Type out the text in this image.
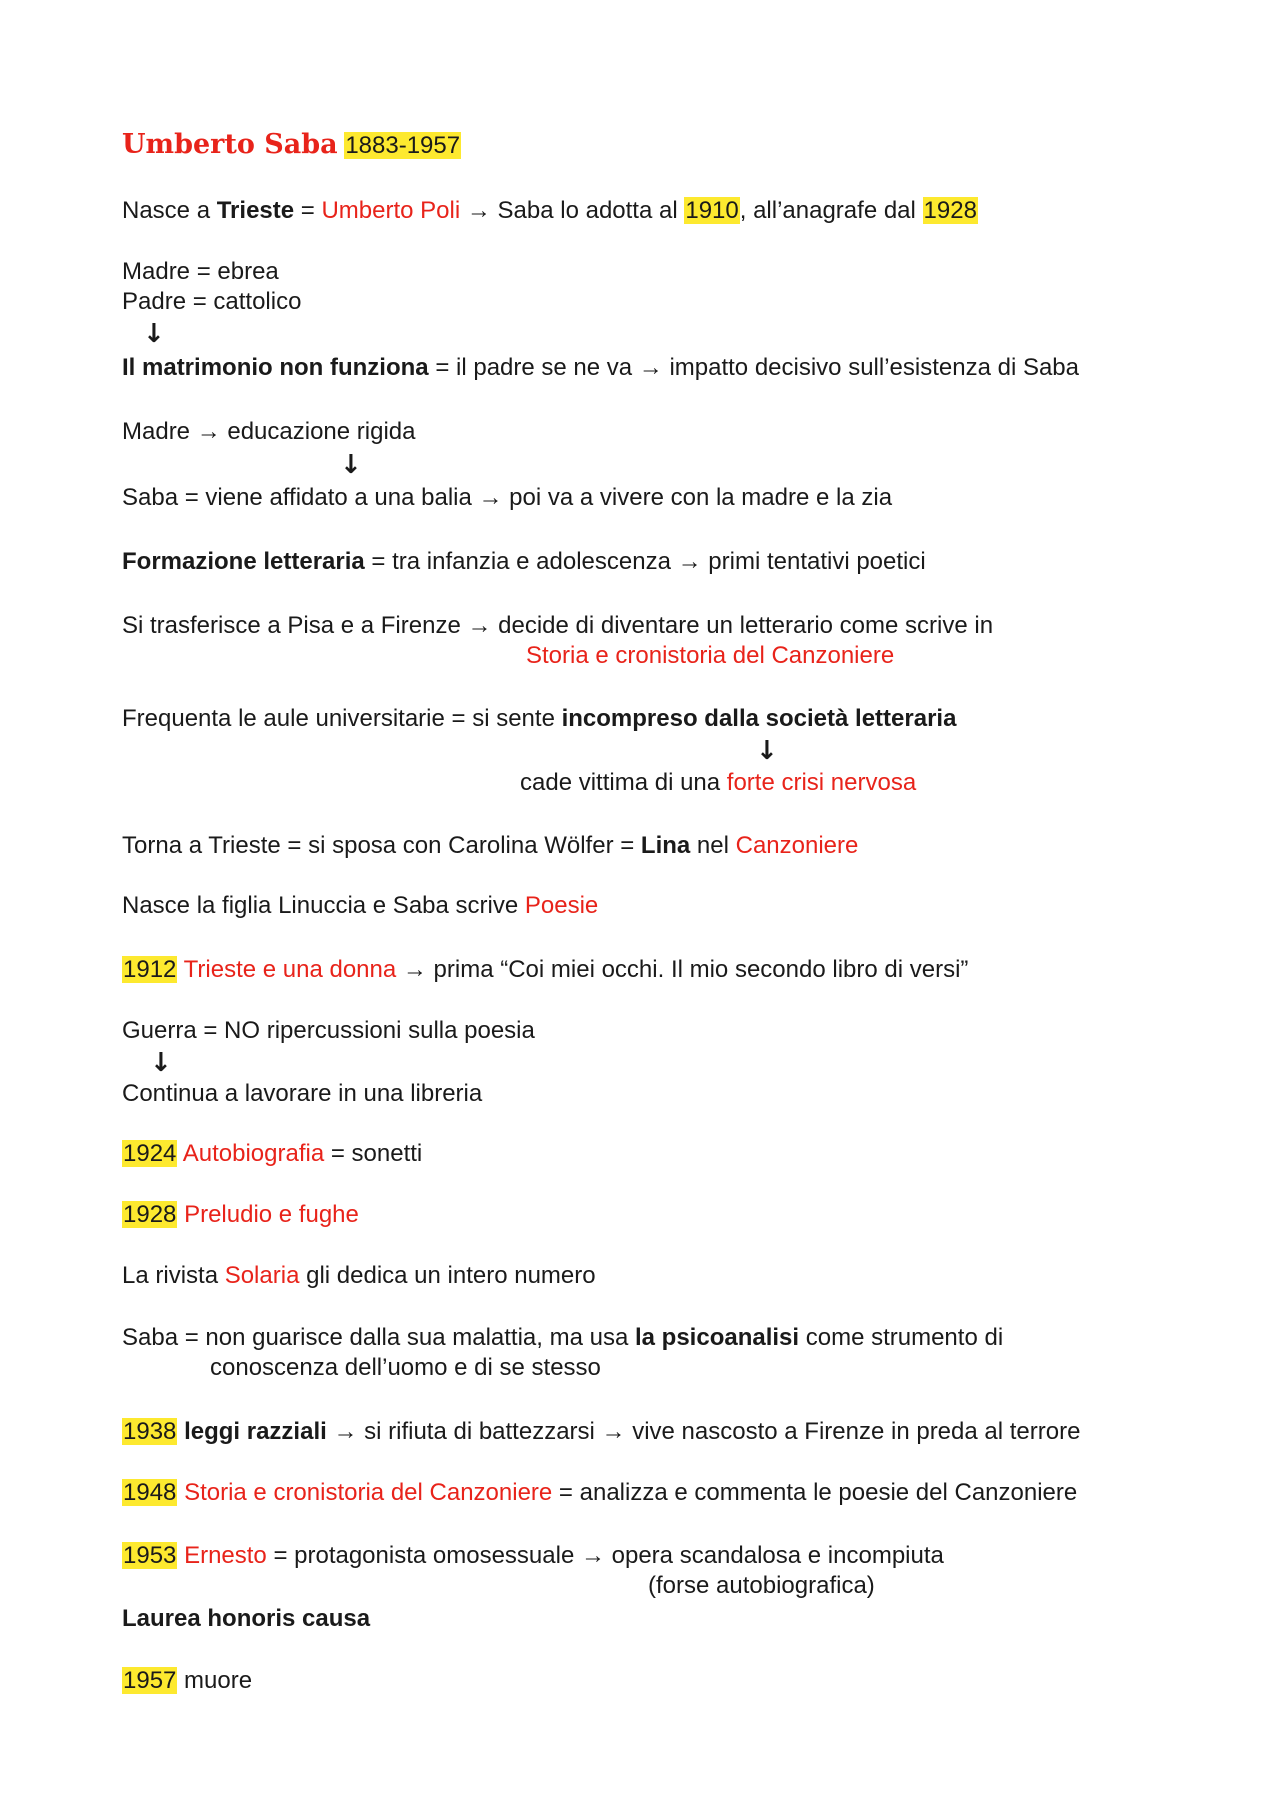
Umberto Saba 1883-1957
Nasce a Trieste = Umberto Poli → Saba lo adotta al 1910, all’anagrafe dal 1928
Madre = ebrea
Padre = cattolico
↓
Il matrimonio non funziona = il padre se ne va → impatto decisivo sull’esistenza di Saba
Madre → educazione rigida
↓
Saba = viene affidato a una balia → poi va a vivere con la madre e la zia
Formazione letteraria = tra infanzia e adolescenza → primi tentativi poetici
Si trasferisce a Pisa e a Firenze → decide di diventare un letterario come scrive in
Storia e cronistoria del Canzoniere
Frequenta le aule universitarie = si sente incompreso dalla società letteraria
↓
cade vittima di una forte crisi nervosa
Torna a Trieste = si sposa con Carolina Wölfer = Lina nel Canzoniere
Nasce la figlia Linuccia e Saba scrive Poesie
1912 Trieste e una donna → prima “Coi miei occhi. Il mio secondo libro di versi”
Guerra = NO ripercussioni sulla poesia
↓
Continua a lavorare in una libreria
1924 Autobiografia = sonetti
1928 Preludio e fughe
La rivista Solaria gli dedica un intero numero
Saba = non guarisce dalla sua malattia, ma usa la psicoanalisi come strumento di
conoscenza dell’uomo e di se stesso
1938 leggi razziali → si rifiuta di battezzarsi → vive nascosto a Firenze in preda al terrore
1948 Storia e cronistoria del Canzoniere = analizza e commenta le poesie del Canzoniere
1953 Ernesto = protagonista omosessuale → opera scandalosa e incompiuta
(forse autobiografica)
Laurea honoris causa
1957 muore
